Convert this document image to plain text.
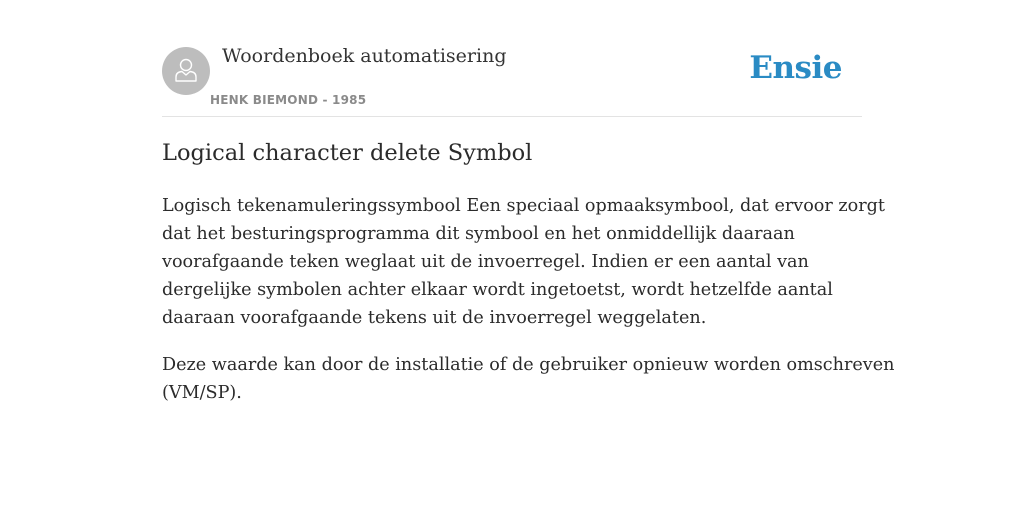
Woordenboek automatisering
HENK BIEMOND - 1985
Ensie
Logical character delete Symbol

Logisch tekenamuleringssymbool Een speciaal opmaaksymbool, dat ervoor zorgt
dat het besturingsprogramma dit symbool en het onmiddellijk daaraan
voorafgaande teken weglaat uit de invoerregel. Indien er een aantal van
dergelijke symbolen achter elkaar wordt ingetoetst, wordt hetzelfde aantal
daaraan voorafgaande tekens uit de invoerregel weggelaten.

Deze waarde kan door de installatie of de gebruiker opnieuw worden omschreven
(VM/SP).
